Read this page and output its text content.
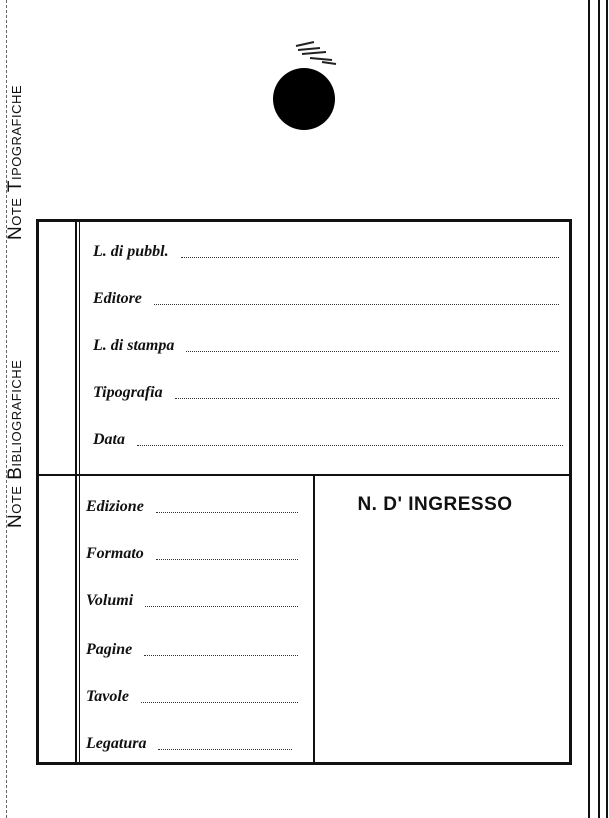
Note Tipografiche
Note Bibliografiche
L. di pubbl.
Editore
L. di stampa
Tipografia
Data
Edizione
Formato
Volumi
Pagine
Tavole
Legatura
N. D' INGRESSO
